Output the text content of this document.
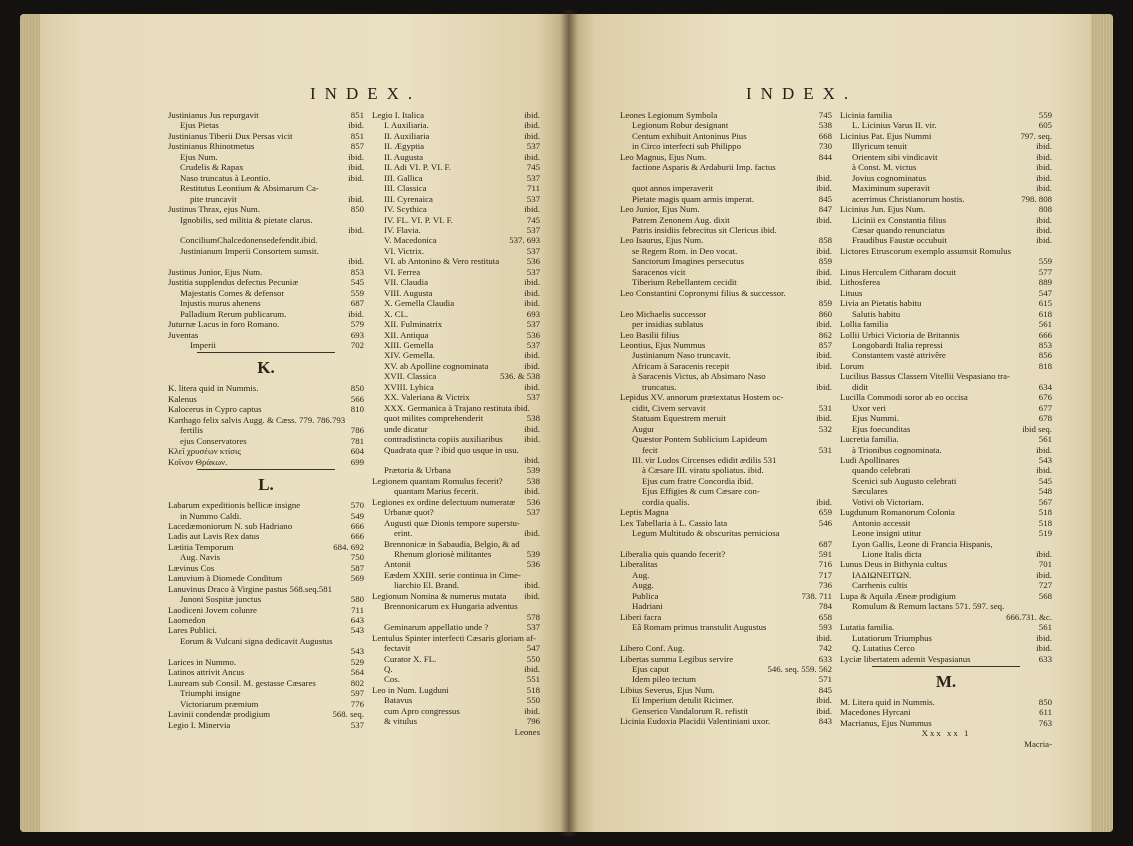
INDEX.
Justinianus Jus repurgavit	851
Ejus Pietas	ibid.
Justinianus Tiberii Dux Persas vicit	851
Justinianus Rhinotmetus	857
Ejus Num.	ibid.
Crudelis & Rapax	ibid.
Naso truncatus à Leontio.	ibid.
Restitutus Leontium & Absimarum Ca-
pite truncavit	ibid.
Justinus Thrax, ejus Num.	850
Ignobilis, sed militia & pietate clarus.
ibid.
ConciliumChalcedonensedefendit.ibid.
Justinianum Imperii Consortem sumsit.
ibid.
Justinus Junior, Ejus Num.	853
Justitia supplendus defectus Pecuniæ	545
Majestatis Comes & defensor	559
Injustis murus ahenens	687
Palladium Rerum publicarum.	ibid.
Juturnæ Lacus in foro Romano.	579
Juventas	693
Imperii	702
K.
K. litera quid in Nummis.	850
Kalenus	566
Kalocerus in Cypro captus	810
Karthago felix salvis Augg. & Cæss. 779. 786.793
fertilis	786
ejus Conservatores	781
Κλεῖ χρυσέων κτίσις	604
Κοῖνον Θράκων.	699
L.
Labarum expeditionis bellicæ insigne	570
in Nummo Caldi.	549
Lacedæmoniorum N. sub Hadriano	666
Ladis aut Lavis Rex datus	666
Lætitia Temporum	684. 692
Aug. Navis	750
Lævinus Cos	587
Lanuvium à Diomede Conditum	569
Lanuvinus Draco à Virgine pastus 568.seq.581
Junoni Sospitæ junctus	580
Laodiceni Jovem colunre	711
Laomedon	643
Lares Publici.	543
Eorum & Vulcani signa dedicavit Augustus
543
Larices in Nummo.	529
Latinos attrivit Ancus	564
Lauream sub Consil. M. gestasse Cæsares	802
Triumphi insigne	597
Victoriarum præmium	776
Lavinii condendæ prodigium	568. seq.
Legio I. Minervia	537
Legio I. Italica	ibid.
I. Auxiliaria.	ibid.
II. Auxiliaria	ibid.
II. Ægyptia	537
II. Augusta	ibid.
II. Adi VI. P. VI. F.	745
III. Gallica	537
III. Classica	711
III. Cyrenaica	537
IV. Scythica	ibid.
IV. FL. VI. P. VI. F.	745
IV. Flavia.	537
V. Macedonica	537. 693
VI. Victrix.	537
VI. ab Antonino & Vero restituta	536
VI. Ferrea	537
VII. Claudia	ibid.
VIII. Augusta	ibid.
X. Gemella Claudia	ibid.
X. CL.	693
XII. Fulminatrix	537
XII. Antiqua	536
XIII. Gemella	537
XIV. Gemella.	ibid.
XV. ab Apolline cognominata	ibid.
XVII. Classica	536. & 538
XVIII. Lybica	ibid.
XX. Valeriana & Victrix	537
XXX. Germanica à Trajano restituta ibid.
quot milites comprehenderit	538
unde dicatur	ibid.
contradistincta copiis auxiliaribus	ibid.
Quadrata quæ ? ibid quo usque in usu.
ibid.
Prætoria & Urbana	539
Legionem quantam Romulus fecerit?	538
quantam Marius fecerit.	ibid.
Legiones ex ordine delectuum numeratæ	536
Urbanæ quot?	537
Augusti quæ Dionis tempore superstu-
erint.	ibid.
Brennonicæ in Sabaudia, Belgio, & ad
Rhenum gloriosè militantes	539
Antonii	536
Eædem XXIII. serie continua in Cime-
liarchio El. Brand.	ibid.
Legionum Nomina & numerus mutata	ibid.
Brennonicarum ex Hungaria adventus
578
Geminarum appellatio unde ?	537
Lentulus Spinter interfecti Cæsaris gloriam af-
fectavit	547
Curator X. FL.	550
Q.	ibid.
Cos.	551
Leo in Num. Lugduni	518
Batavus	550
cum Apro congressus	ibid.
& vitulus	796
Leones
INDEX.
Leones Legionum Symbola	745
Legionum Robur designant	538
Centum exhibuit Antoninus Pius	668
in Circo interfecti sub Philippo	730
Leo Magnus, Ejus Num.	844
factione Asparis & Ardaburii Imp. factus
ibid.
quot annos imperaverit	ibid.
Pietate magis quam armis imperat.	845
Leo Junior, Ejus Num.	847
Patrem Zenonem Aug. dixit	ibid.
Patris insidiis febrecitus sit Clericus ibid.
Leo Isaurus, Ejus Num.	858
se Regem Rom. in Deo vocat.	ibid.
Sanctorum Imagines persecutus	859
Saracenos vicit	ibid.
Tiberium Rebellantem cecidit	ibid.
Leo Constantini Copronymi filius & successor.
859
Leo Michaelis successor	860
per insidias sublatus	ibid.
Leo Basilii filius	862
Leontius, Ejus Nummus	857
Justinianum Naso truncavit.	ibid.
Africam à Saracenis recepit	ibid.
à Saracenis Victus, ab Absimaro Naso
truncatus.	ibid.
Lepidus XV. annorum prætextatus Hostem oc-
cidit, Civem servavit	531
Statuam Equestrem meruit	ibid.
Augur	532
Quæstor Pontem Sublicium Lapideum
fecit	531
III. vir Ludos Circenses edidit ædilis 531
à Cæsare III. viratu spoliatus. ibid.
Ejus cum fratre Concordia ibid.
Ejus Effigies & cum Cæsare con-
cordia qualis.	ibid.
Leptis Magna	659
Lex Tabellaria à L. Cassio lata	546
Legum Multitudo & obscuritas perniciosa
687
Liberalia quis quando fecerit?	591
Liberalitas	716
Aug.	717
Augg.	736
Publica	738. 711
Hadriani	784
Liberi facra	658
Eâ Romam primus transtulit Augustus	593
ibid.
Libero Conf. Aug.	742
Libertas summa Legibus servire	633
Ejus caput	546. seq. 559. 562
Idem pileo tectum	571
Libius Severus, Ejus Num.	845
Ei Imperium detulit Ricimer.	ibid.
Genserico Vandalorum R. refistit	ibid.
Licinia Eudoxia Placidii Valentiniani uxor.	843
Licinia familia	559
L. Licinius Varus II. vir.	605
Licinius Pat. Ejus Nummi	797. seq.
Illyricum tenuit	ibid.
Orientem sibi vindicavit	ibid.
à Const. M. victus	ibid.
Jovius cognominatus	ibid.
Maximinum superavit	ibid.
acerrimus Christianorum hostis.	798. 808
Licinius Jun. Ejus Num.	808
Licinii ex Constantia filius	ibid.
Cæsar quando renunciatus	ibid.
Fraudibus Faustæ occubuit	ibid.
Lictores Etruscorum exemplo assumsit Romulus
559
Linus Herculem Citharam docuit	577
Lithosferea	889
Lituus	547
Livia an Pietatis habitu	615
Salutis habitu	618
Lollia familia	561
Lollii Urbici Victoria de Britannis	666
Longobardi Italia repressi	853
Constantem vastè attrivêre	856
Lorum	818
Lucilius Bassus Classem Vitellii Vespasiano tra-
didit	634
Lucilla Commodi soror ab eo occisa	676
Uxor veri	677
Ejus Nummi.	678
Ejus foecunditas	ibid seq.
Lucretia familia.	561
à Trionibus cognominata.	ibid.
Ludi Apollinares	543
quando celebrati	ibid.
Scenici sub Augusto celebrati	545
Sæculares	548
Votivi ob Victoriam.	567
Lugdunum Romanorum Colonia	518
Antonio accessit	518
Leone insigni utitur	519
Lyon Gallis, Leone di Francia Hispanis,
Lione Italis dicta	ibid.
Lunus Deus in Bithynia cultus	701
ΙΑΔΙΩΝΕΙΤΩΝ.	ibid.
Carrhenis cultis	727
Lupa & Aquila Æneæ prodigium	568
Romulum & Remum lactans 571. 597. seq.
666.731. &c.
Lutatia familia.	561
Lutatiorum Triumphus	ibid.
Q. Lutatius Cerco	ibid.
Lyciæ libertatem ademit Vespasianus	633
M.
M. Litera quid in Nummis.	850
Macedones Hyrcani	611
Macrianus, Ejus Nummus	763
Xxx xx 1
Macria-
